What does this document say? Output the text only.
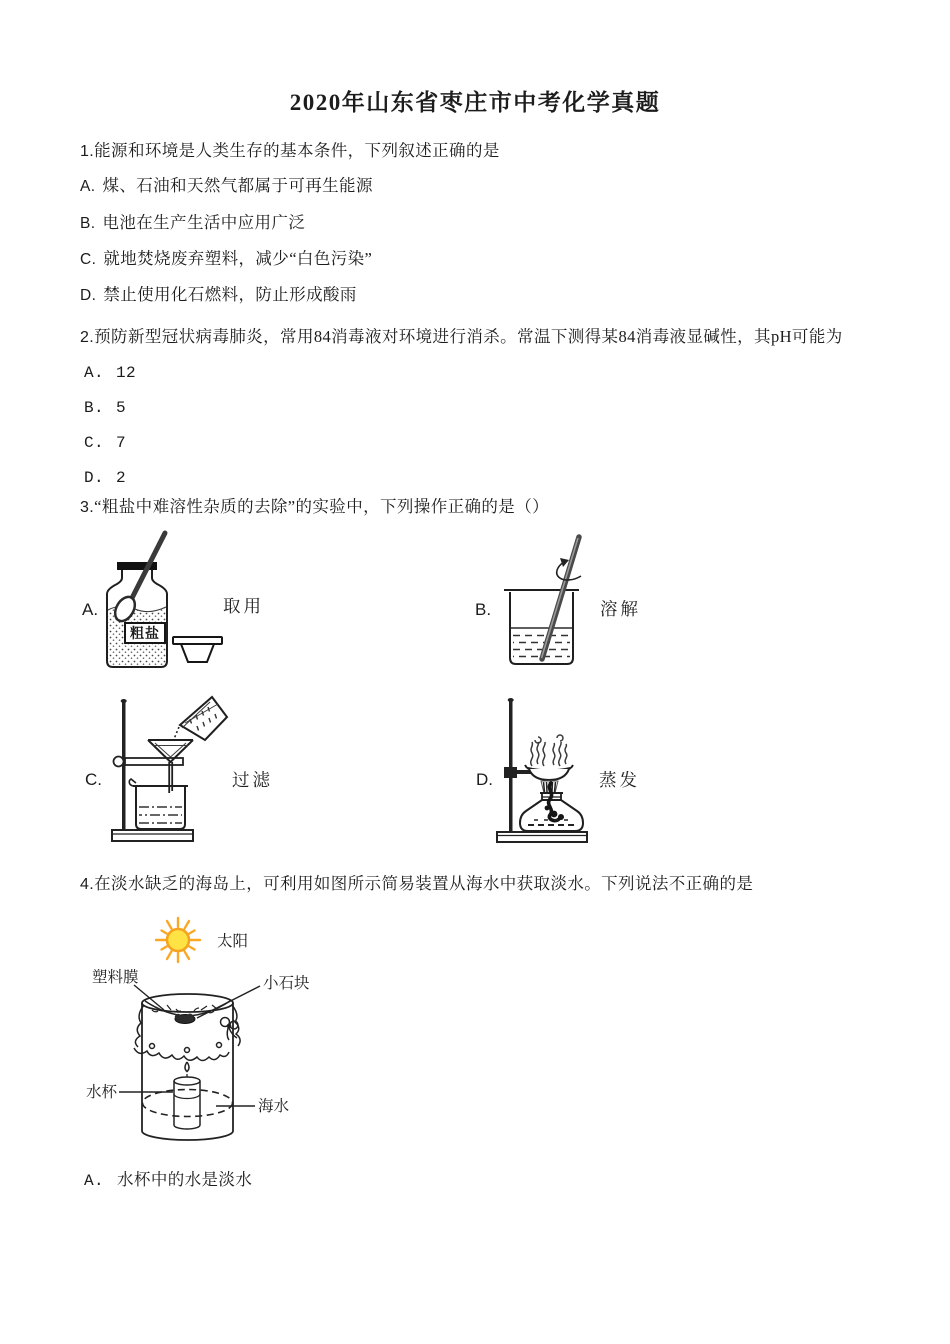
2020年山东省枣庄市中考化学真题
1.能源和环境是人类生存的基本条件，下列叙述正确的是
A. 煤、石油和天然气都属于可再生能源
B. 电池在生产生活中应用广泛
C. 就地焚烧废弃塑料，减少“白色污染”
D. 禁止使用化石燃料，防止形成酸雨
2.预防新型冠状病毒肺炎，常用84消毒液对环境进行消杀。常温下测得某84消毒液显碱性，其pH可能为
A. 12
B. 5
C. 7
D. 2
3.“粗盐中难溶性杂质的去除”的实验中，下列操作正确的是（）
A.
粗盐
取用	B.	溶解
C.	过滤	D.	蒸发
4.在淡水缺乏的海岛上，可利用如图所示简易装置从海水中获取淡水。下列说法不正确的是
太阳
塑料膜	小石块
水杯
海水
A. 水杯中的水是淡水
